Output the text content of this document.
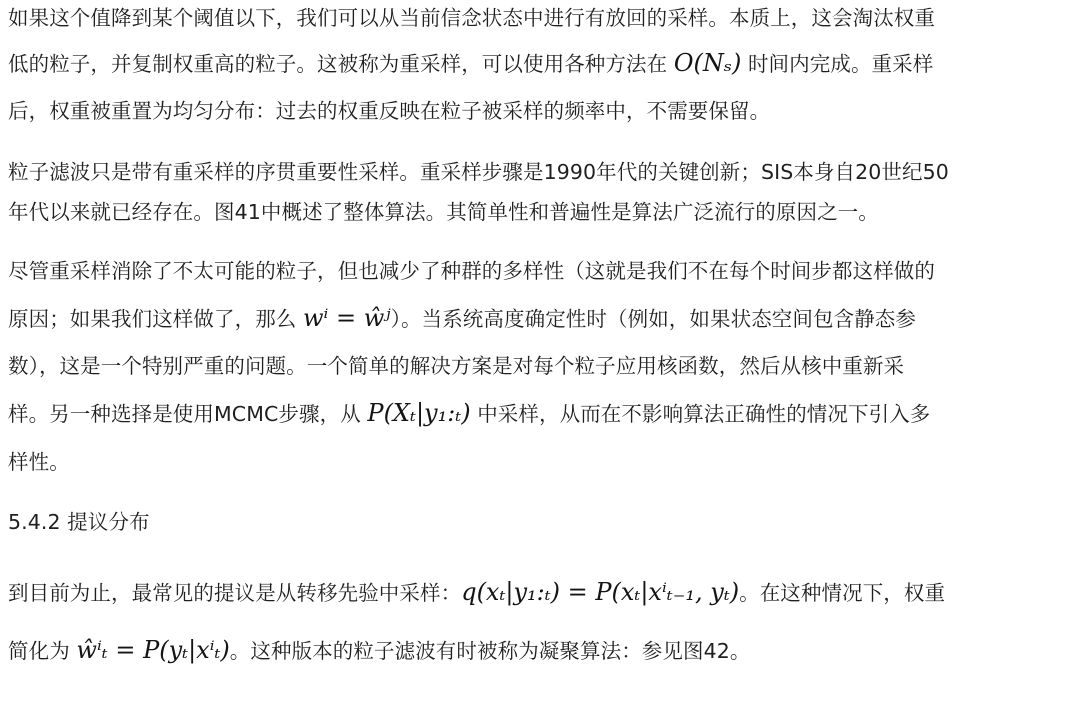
如果这个值降到某个阈值以下，我们可以从当前信念状态中进行有放回的采样。本质上，这会淘汰权重
低的粒子，并复制权重高的粒子。这被称为重采样，可以使用各种方法在 O(Nₛ) 时间内完成。重采样
后，权重被重置为均匀分布：过去的权重反映在粒子被采样的频率中，不需要保留。
粒子滤波只是带有重采样的序贯重要性采样。重采样步骤是1990年代的关键创新；SIS本身自20世纪50
年代以来就已经存在。图41中概述了整体算法。其简单性和普遍性是算法广泛流行的原因之一。
尽管重采样消除了不太可能的粒子，但也减少了种群的多样性（这就是我们不在每个时间步都这样做的
原因；如果我们这样做了，那么 wⁱ = ŵʲ）。当系统高度确定性时（例如，如果状态空间包含静态参
数），这是一个特别严重的问题。一个简单的解决方案是对每个粒子应用核函数，然后从核中重新采
样。另一种选择是使用MCMC步骤，从 P(Xₜ|y₁:ₜ) 中采样，从而在不影响算法正确性的情况下引入多
样性。
5.4.2 提议分布
到目前为止，最常见的提议是从转移先验中采样：q(xₜ|y₁:ₜ) = P(xₜ|xⁱₜ₋₁, yₜ)。在这种情况下，权重
简化为 ŵⁱₜ = P(yₜ|xⁱₜ)。这种版本的粒子滤波有时被称为凝聚算法：参见图42。
